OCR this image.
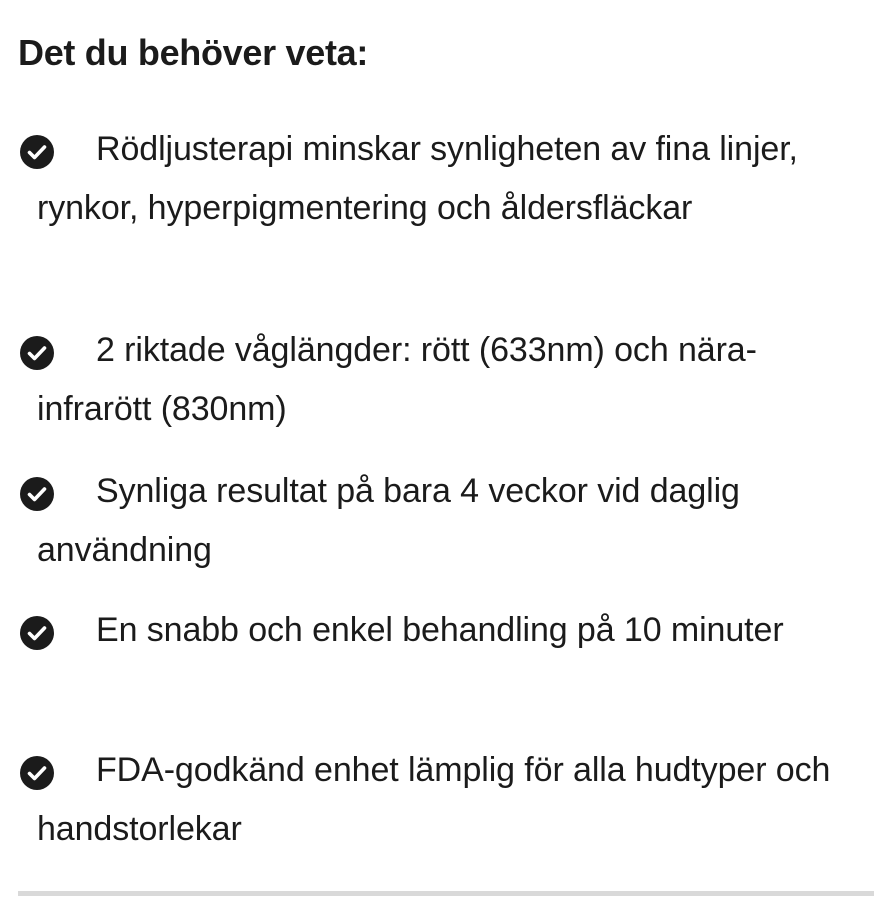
Det du behöver veta:

Rödljusterapi minskar synligheten av fina linjer, rynkor, hyperpigmentering och åldersfläckar

2 riktade våglängder: rött (633nm) och nära-infrarött (830nm)

Synliga resultat på bara 4 veckor vid daglig användning

En snabb och enkel behandling på 10 minuter

FDA-godkänd enhet lämplig för alla hudtyper och handstorlekar
